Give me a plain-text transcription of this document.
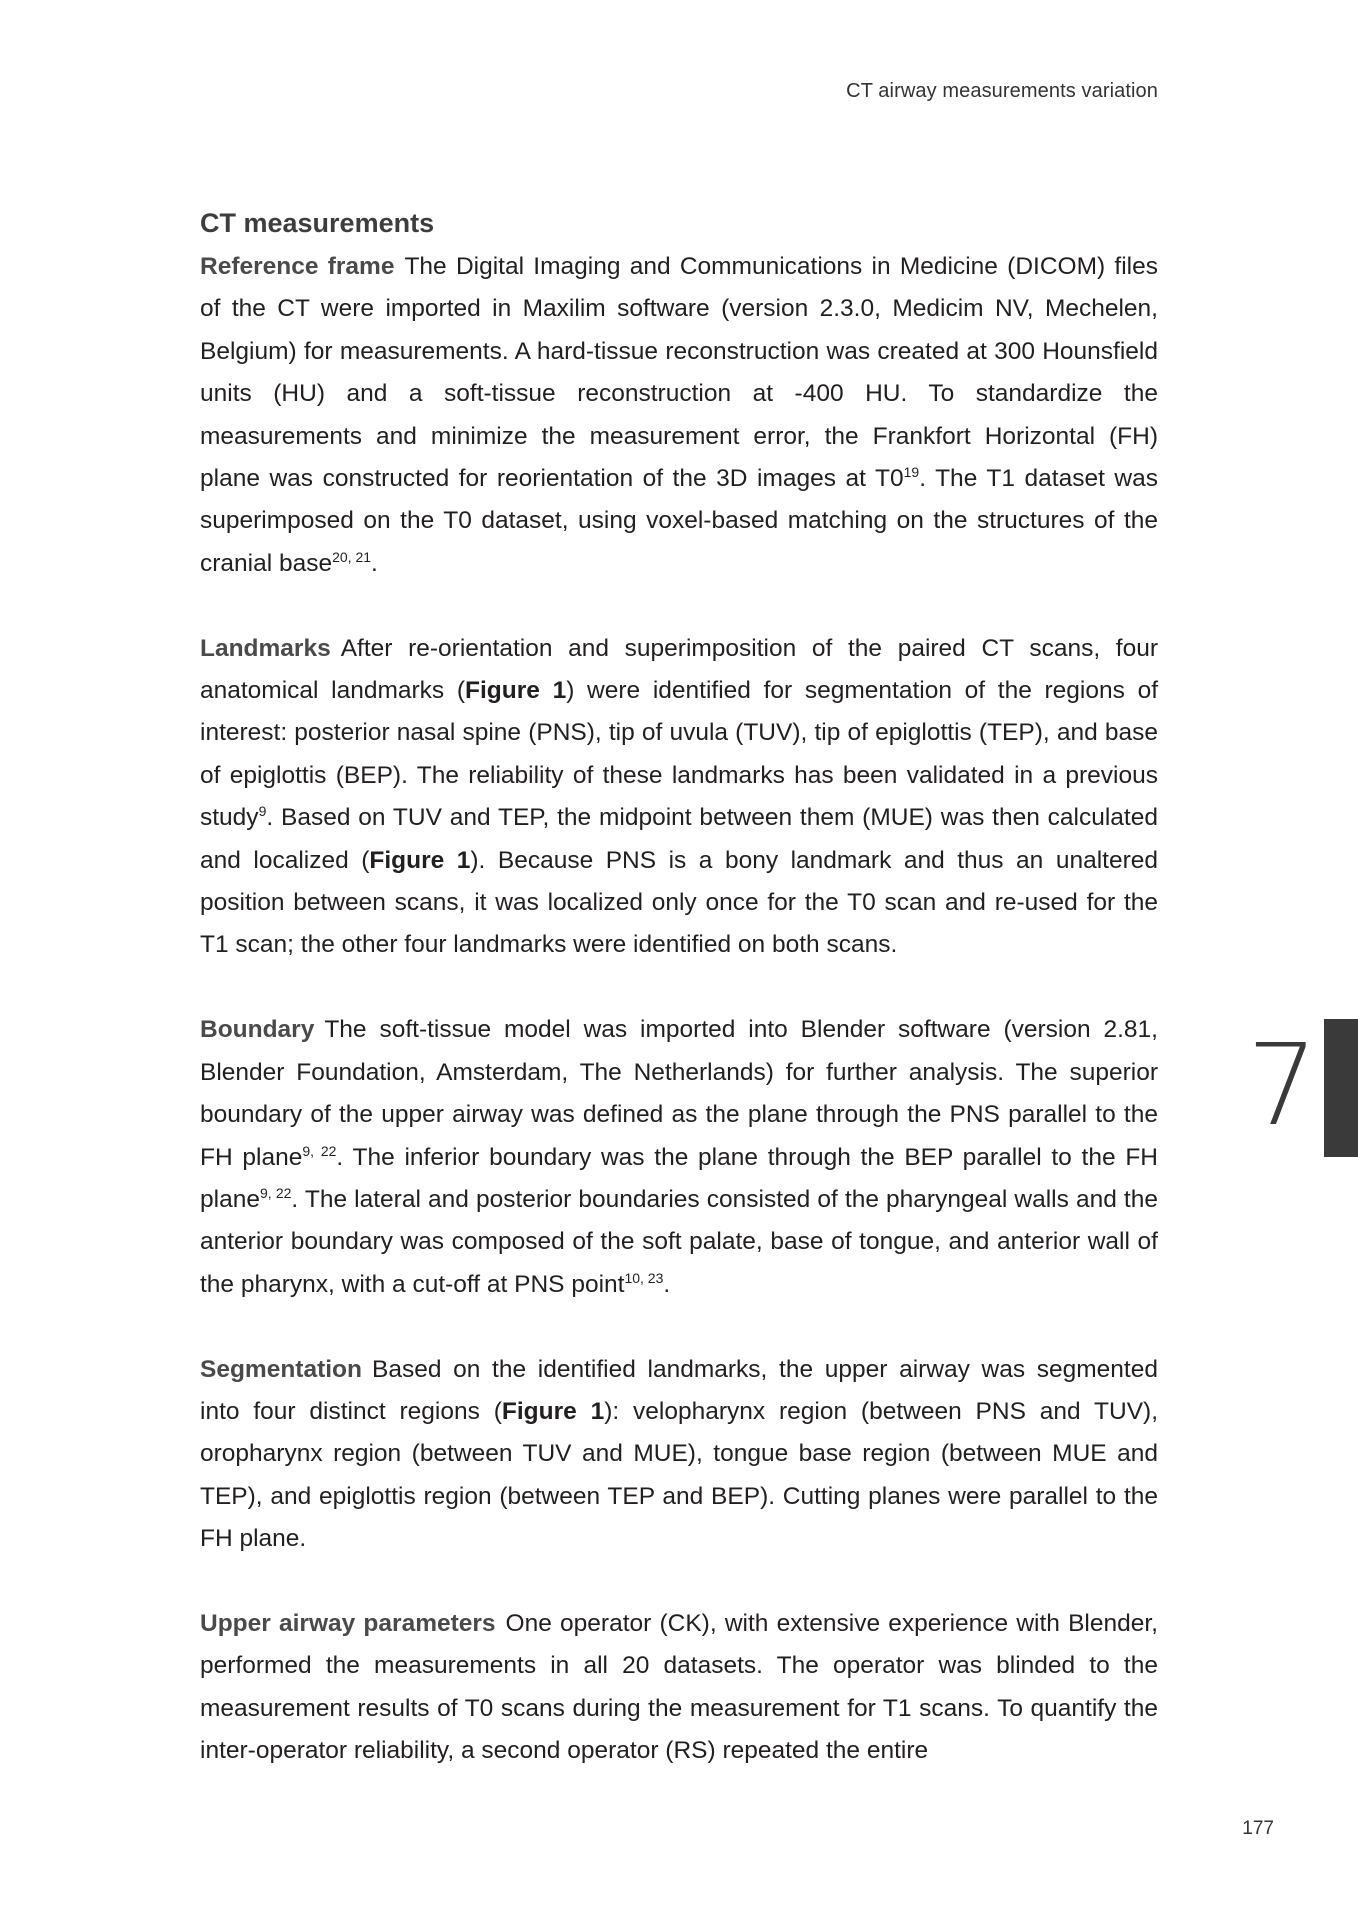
CT airway measurements variation
CT measurements

Reference frame The Digital Imaging and Communications in Medicine (DICOM) files of the CT were imported in Maxilim software (version 2.3.0, Medicim NV, Mechelen, Belgium) for measurements. A hard-tissue reconstruction was created at 300 Hounsfield units (HU) and a soft-tissue reconstruction at -400 HU. To standardize the measurements and minimize the measurement error, the Frankfort Horizontal (FH) plane was constructed for reorientation of the 3D images at $T0^{19}$. The T1 dataset was superimposed on the T0 dataset, using voxel-based matching on the structures of the cranial base$^{20, 21}$.

Landmarks After re-orientation and superimposition of the paired CT scans, four anatomical landmarks (Figure 1) were identified for segmentation of the regions of interest: posterior nasal spine (PNS), tip of uvula (TUV), tip of epiglottis (TEP), and base of epiglottis (BEP). The reliability of these landmarks has been validated in a previous study$^9$. Based on TUV and TEP, the midpoint between them (MUE) was then calculated and localized (Figure 1). Because PNS is a bony landmark and thus an unaltered position between scans, it was localized only once for the T0 scan and re-used for the T1 scan; the other four landmarks were identified on both scans.

Boundary The soft-tissue model was imported into Blender software (version 2.81, Blender Foundation, Amsterdam, The Netherlands) for further analysis. The superior boundary of the upper airway was defined as the plane through the PNS parallel to the FH plane$^{9, 22}$. The inferior boundary was the plane through the BEP parallel to the FH plane$^{9, 22}$. The lateral and posterior boundaries consisted of the pharyngeal walls and the anterior boundary was composed of the soft palate, base of tongue, and anterior wall of the pharynx, with a cut-off at PNS point$^{10, 23}$.

Segmentation Based on the identified landmarks, the upper airway was segmented into four distinct regions (Figure 1): velopharynx region (between PNS and TUV), oropharynx region (between TUV and MUE), tongue base region (between MUE and TEP), and epiglottis region (between TEP and BEP). Cutting planes were parallel to the FH plane.

Upper airway parameters One operator (CK), with extensive experience with Blender, performed the measurements in all 20 datasets. The operator was blinded to the measurement results of T0 scans during the measurement for T1 scans. To quantify the inter-operator reliability, a second operator (RS) repeated the entire

7
177
